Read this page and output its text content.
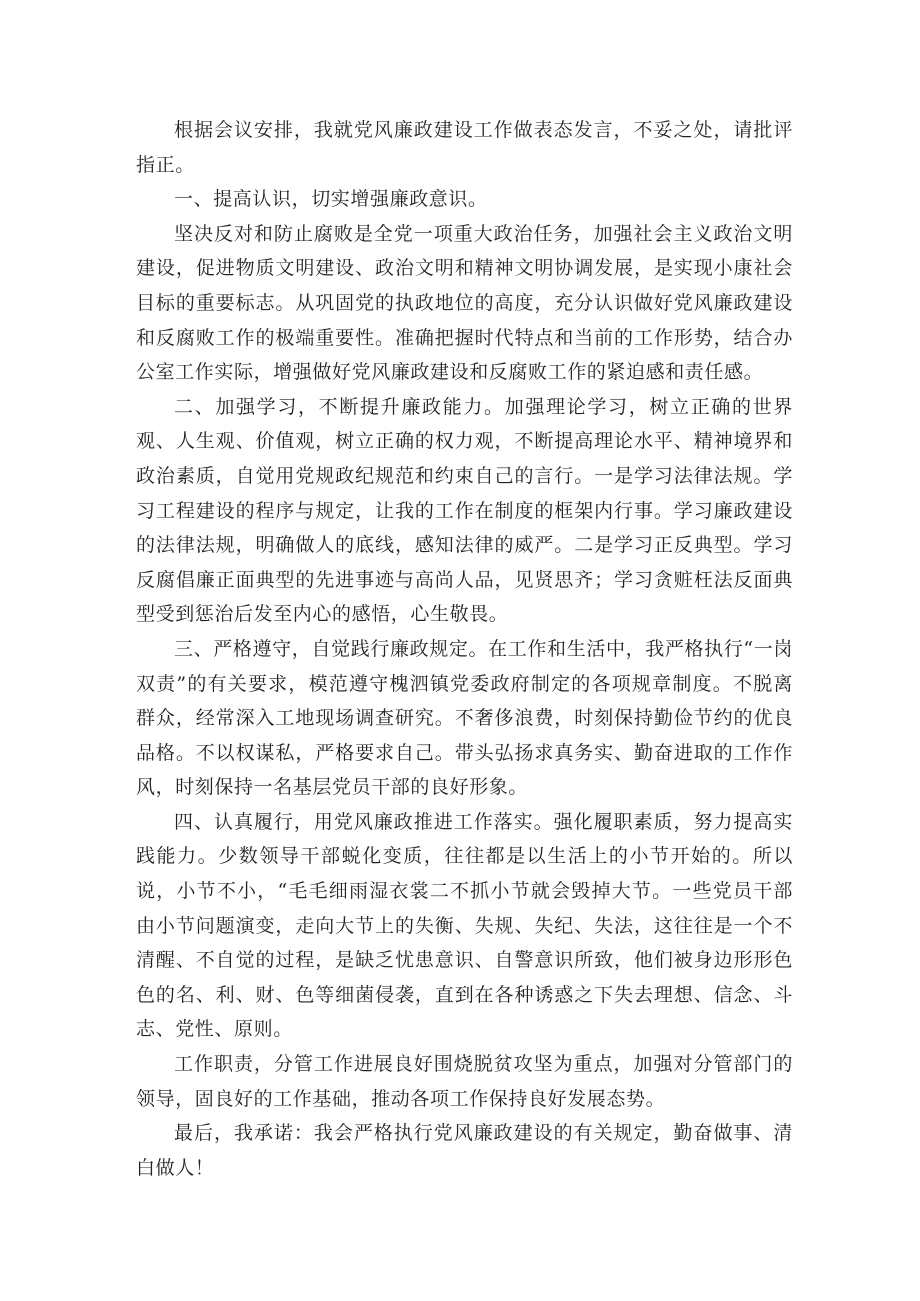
根据会议安排，我就党风廉政建设工作做表态发言，不妥之处，请批评指正。

一、提高认识，切实增强廉政意识。

坚决反对和防止腐败是全党一项重大政治任务，加强社会主义政治文明建设，促进物质文明建设、政治文明和精神文明协调发展，是实现小康社会目标的重要标志。从巩固党的执政地位的高度，充分认识做好党风廉政建设和反腐败工作的极端重要性。准确把握时代特点和当前的工作形势，结合办公室工作实际，增强做好党风廉政建设和反腐败工作的紧迫感和责任感。

二、加强学习，不断提升廉政能力。加强理论学习，树立正确的世界观、人生观、价值观，树立正确的权力观，不断提高理论水平、精神境界和政治素质，自觉用党规政纪规范和约束自己的言行。一是学习法律法规。学习工程建设的程序与规定，让我的工作在制度的框架内行事。学习廉政建设的法律法规，明确做人的底线，感知法律的威严。二是学习正反典型。学习反腐倡廉正面典型的先进事迹与高尚人品，见贤思齐；学习贪赃枉法反面典型受到惩治后发至内心的感悟，心生敬畏。

三、严格遵守，自觉践行廉政规定。在工作和生活中，我严格执行“一岗双责”的有关要求，模范遵守槐泗镇党委政府制定的各项规章制度。不脱离群众，经常深入工地现场调查研究。不奢侈浪费，时刻保持勤俭节约的优良品格。不以权谋私，严格要求自己。带头弘扬求真务实、勤奋进取的工作作风，时刻保持一名基层党员干部的良好形象。

四、认真履行，用党风廉政推进工作落实。强化履职素质，努力提高实践能力。少数领导干部蜕化变质，往往都是以生活上的小节开始的。所以说，小节不小，“毛毛细雨湿衣裳二不抓小节就会毁掉大节。一些党员干部由小节问题演变，走向大节上的失衡、失规、失纪、失法，这往往是一个不清醒、不自觉的过程，是缺乏忧患意识、自警意识所致，他们被身边形形色色的名、利、财、色等细菌侵袭，直到在各种诱惑之下失去理想、信念、斗志、党性、原则。

工作职责，分管工作进展良好围烧脱贫攻坚为重点，加强对分管部门的领导，固良好的工作基础，推动各项工作保持良好发展态势。

最后，我承诺：我会严格执行党风廉政建设的有关规定，勤奋做事、清白做人！
